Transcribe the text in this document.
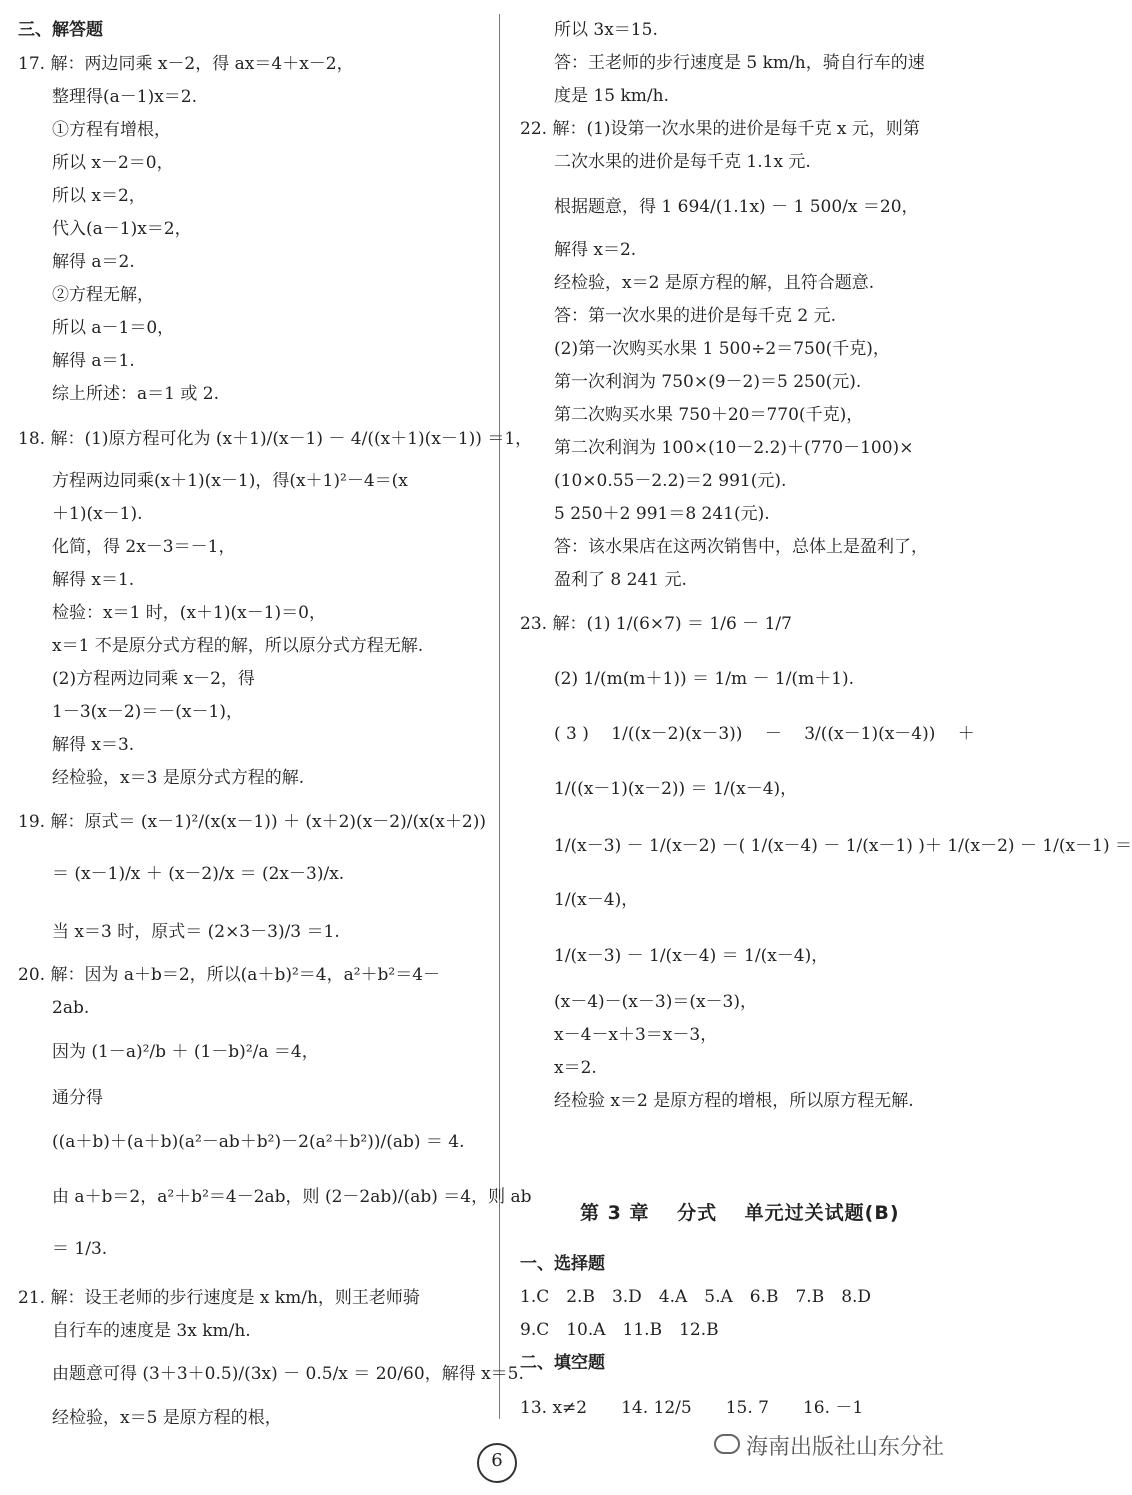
三、解答题
17. 解：两边同乘 x－2，得 ax＝4＋x－2，
整理得(a－1)x＝2.
①方程有增根，
所以 x－2＝0，
所以 x＝2，
代入(a－1)x＝2，
解得 a＝2.
②方程无解，
所以 a－1＝0，
解得 a＝1.
综上所述：a＝1 或 2.
18. 解：(1)原方程可化为 (x＋1)/(x－1) － 4/((x＋1)(x－1)) ＝1，
方程两边同乘(x＋1)(x－1)，得(x＋1)²－4＝(x
＋1)(x－1).
化简，得 2x－3＝－1，
解得 x＝1.
检验：x＝1 时，(x＋1)(x－1)＝0，
x＝1 不是原分式方程的解，所以原分式方程无解.
(2)方程两边同乘 x－2，得
1－3(x－2)＝－(x－1)，
解得 x＝3.
经检验，x＝3 是原分式方程的解.
19. 解：原式＝ (x－1)²/(x(x－1)) ＋ (x＋2)(x－2)/(x(x＋2))
＝ (x－1)/x ＋ (x－2)/x ＝ (2x－3)/x.
当 x＝3 时，原式＝ (2×3－3)/3 ＝1.
20. 解：因为 a＋b＝2，所以(a＋b)²＝4，a²＋b²＝4－
2ab.
因为 (1－a)²/b ＋ (1－b)²/a ＝4，
通分得
((a＋b)＋(a＋b)(a²－ab＋b²)－2(a²＋b²))/(ab) ＝ 4.
由 a＋b＝2，a²＋b²＝4－2ab，则 (2－2ab)/(ab) ＝4，则 ab
＝ 1/3.
21. 解：设王老师的步行速度是 x km/h，则王老师骑
自行车的速度是 3x km/h.
由题意可得 (3＋3＋0.5)/(3x) － 0.5/x ＝ 20/60，解得 x＝5.
经检验，x＝5 是原方程的根，
所以 3x＝15.
答：王老师的步行速度是 5 km/h，骑自行车的速
度是 15 km/h.
22. 解：(1)设第一次水果的进价是每千克 x 元，则第
二次水果的进价是每千克 1.1x 元.
根据题意，得 1 694/(1.1x) － 1 500/x ＝20，
解得 x＝2.
经检验，x＝2 是原方程的解，且符合题意.
答：第一次水果的进价是每千克 2 元.
(2)第一次购买水果 1 500÷2＝750(千克)，
第一次利润为 750×(9－2)＝5 250(元).
第二次购买水果 750＋20＝770(千克)，
第二次利润为 100×(10－2.2)＋(770－100)×
(10×0.55－2.2)＝2 991(元).
5 250＋2 991＝8 241(元).
答：该水果店在这两次销售中，总体上是盈利了，
盈利了 8 241 元.
23. 解：(1) 1/(6×7) ＝ 1/6 － 1/7
(2) 1/(m(m＋1)) ＝ 1/m － 1/(m＋1).
( 3 )　 1/((x－2)(x－3)) 　－　 3/((x－1)(x－4)) 　＋
1/((x－1)(x－2)) ＝ 1/(x－4)，
1/(x－3) － 1/(x－2) －( 1/(x－4) － 1/(x－1) )＋ 1/(x－2) － 1/(x－1) ＝
1/(x－4)，
1/(x－3) － 1/(x－4) ＝ 1/(x－4)，
(x－4)－(x－3)＝(x－3)，
x－4－x＋3＝x－3，
x＝2.
经检验 x＝2 是原方程的增根，所以原方程无解.
一、选择题
1.C　2.B　3.D　4.A　5.A　6.B　7.B　8.D
9.C　10.A　11.B　12.B
二、填空题
13. x≠2　　14. 12/5　　15. 7　　16. －1
第 3 章　 分式　 单元过关试题(B)
海南出版社山东分社
6
